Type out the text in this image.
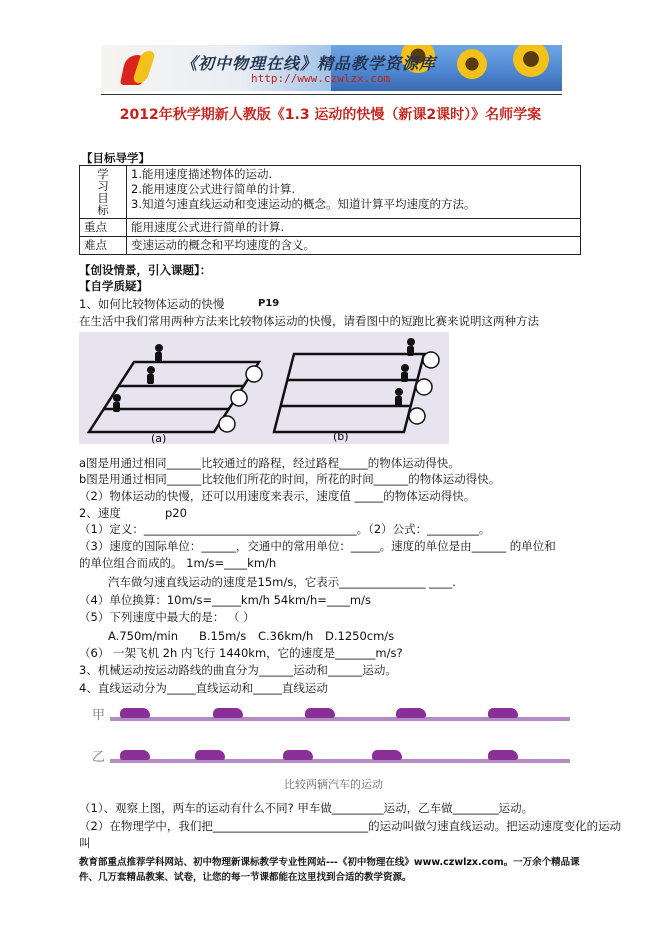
《初中物理在线》精品教学资源库
http://www.czwlzx.com
2012年秋学期新人教版《1.3 运动的快慢（新课2课时）》名师学案
【目标导学】
学习目标	1.能用速度描述物体的运动.
2.能用速度公式进行简单的计算.
3.知道匀速直线运动和变速运动的概念。知道计算平均速度的方法。

重点	能用速度公式进行简单的计算.
难点	变速运动的概念和平均速度的含义。
【创设情景，引入课题】：
【自学质疑】
1、如何比较物体运动的快慢	P19
在生活中我们常用两种方法来比较物体运动的快慢，请看图中的短跑比赛来说明这两种方法
(a)	(b)
a图是用通过相同______比较通过的路程，经过路程_____的物体运动得快。
b图是用通过相同______比较他们所花的时间，所花的时间______的物体运动得快。
（2）物体运动的快慢，还可以用速度来表示，速度值 _____的物体运动得快。
2、速度	p20
（1）定义：_____________________________________。（2）公式：_________。
（3）速度的国际单位：______，交通中的常用单位：_____。速度的单位是由______ 的单位和
的单位组合而成的。 1m/s=____km/h
汽车做匀速直线运动的速度是15m/s，它表示_______________ ____.
（4）单位换算：10m/s=_____km/h 54km/h=____m/s
（5）下列速度中最大的是： （ ）
A.750m/min B.15m/s C.36km/h D.1250cm/s
（6） 一架飞机 2h 内飞行 1440km，它的速度是_______m/s?
3、机械运动按运动路线的曲直分为______运动和______运动。
4、直线运动分为_____直线运动和_____直线运动
甲
乙
比较两辆汽车的运动
（1）、观察上图，两车的运动有什么不同? 甲车做_________运动，乙车做________运动。
（2）在物理学中，我们把___________________________的运动叫做匀速直线运动。把运动速度变化的运动
叫
教育部重点推荐学科网站、初中物理新课标教学专业性网站---《初中物理在线》www.czwlzx.com。一万余个精品课
件、几万套精品教案、试卷，让您的每一节课都能在这里找到合适的教学资源。
